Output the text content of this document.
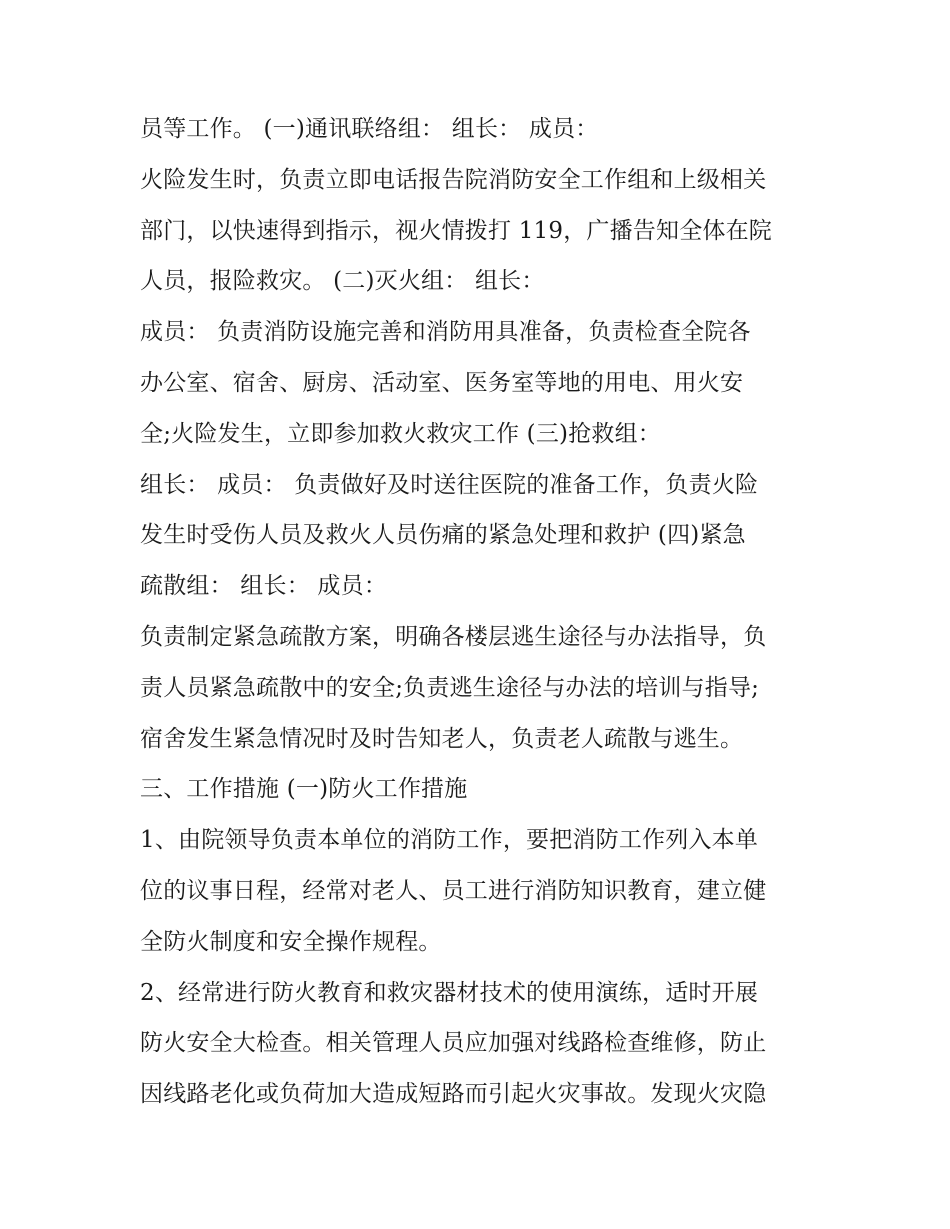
员等工作。 (一)通讯联络组： 组长： 成员：
火险发生时，负责立即电话报告院消防安全工作组和上级相关
部门，以快速得到指示，视火情拨打 119，广播告知全体在院
人员，报险救灾。 (二)灭火组： 组长：
成员： 负责消防设施完善和消防用具准备，负责检查全院各
办公室、宿舍、厨房、活动室、医务室等地的用电、用火安
全;火险发生，立即参加救火救灾工作 (三)抢救组：
组长： 成员： 负责做好及时送往医院的准备工作，负责火险
发生时受伤人员及救火人员伤痛的紧急处理和救护 (四)紧急
疏散组： 组长： 成员：
负责制定紧急疏散方案，明确各楼层逃生途径与办法指导，负
责人员紧急疏散中的安全;负责逃生途径与办法的培训与指导;
宿舍发生紧急情况时及时告知老人，负责老人疏散与逃生。
三、工作措施 (一)防火工作措施
1、由院领导负责本单位的消防工作，要把消防工作列入本单
位的议事日程，经常对老人、员工进行消防知识教育，建立健
全防火制度和安全操作规程。
2、经常进行防火教育和救灾器材技术的使用演练，适时开展
防火安全大检查。相关管理人员应加强对线路检查维修，防止
因线路老化或负荷加大造成短路而引起火灾事故。发现火灾隐
